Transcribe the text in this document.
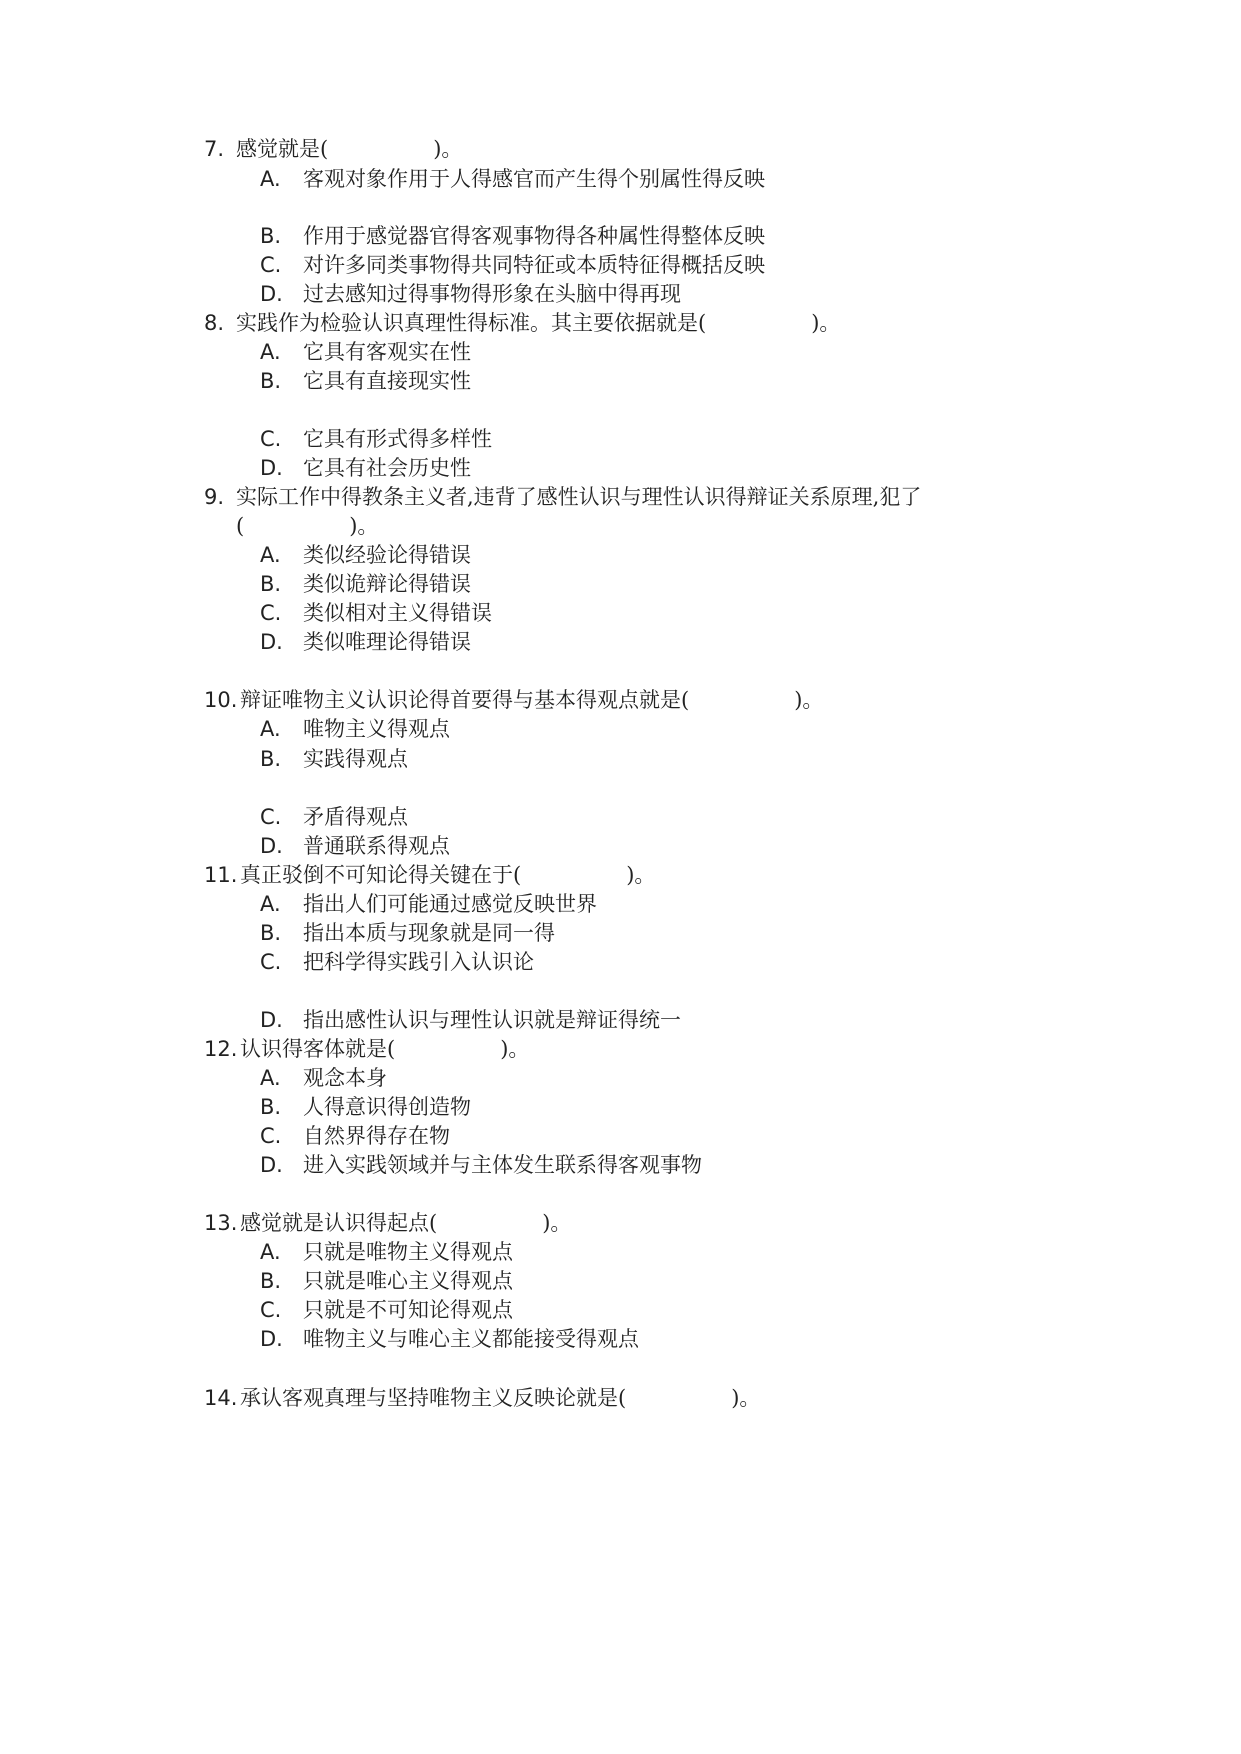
7. 感觉就是(　　　　　)。
A. 客观对象作用于人得感官而产生得个别属性得反映
B. 作用于感觉器官得客观事物得各种属性得整体反映
C. 对许多同类事物得共同特征或本质特征得概括反映
D. 过去感知过得事物得形象在头脑中得再现
8. 实践作为检验认识真理性得标准。其主要依据就是(　　　　　)。
A. 它具有客观实在性
B. 它具有直接现实性
C. 它具有形式得多样性
D. 它具有社会历史性
9. 实际工作中得教条主义者,违背了感性认识与理性认识得辩证关系原理,犯了
(　　　　　)。
A. 类似经验论得错误
B. 类似诡辩论得错误
C. 类似相对主义得错误
D. 类似唯理论得错误
10. 辩证唯物主义认识论得首要得与基本得观点就是(　　　　　)。
A. 唯物主义得观点
B. 实践得观点
C. 矛盾得观点
D. 普通联系得观点
11. 真正驳倒不可知论得关键在于(　　　　　)。
A. 指出人们可能通过感觉反映世界
B. 指出本质与现象就是同一得
C. 把科学得实践引入认识论
D. 指出感性认识与理性认识就是辩证得统一
12. 认识得客体就是(　　　　　)。
A. 观念本身
B. 人得意识得创造物
C. 自然界得存在物
D. 进入实践领域并与主体发生联系得客观事物
13. 感觉就是认识得起点(　　　　　)。
A. 只就是唯物主义得观点
B. 只就是唯心主义得观点
C. 只就是不可知论得观点
D. 唯物主义与唯心主义都能接受得观点
14. 承认客观真理与坚持唯物主义反映论就是(　　　　　)。
